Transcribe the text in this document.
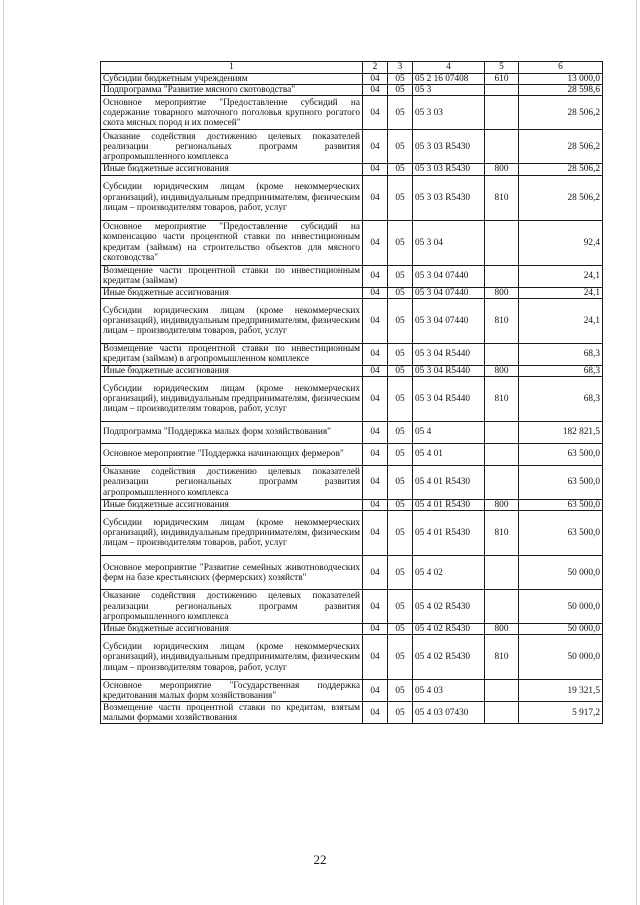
1	2	3	4	5	6
Субсидии бюджетным учреждениям	04	05	05 2 16 07408	610	13 000,0
Подпрограмма "Развитие мясного скотоводства"	04	05	05 3		28 598,6
Основное мероприятие "Предоставление субсидий на содержание товарного маточного поголовья крупного рогатого скота мясных пород и их помесей"	04	05	05 3 03		28 506,2
Оказание содействия достижению целевых показателей реализации региональных программ развития агропромышленного комплекса	04	05	05 3 03 R5430		28 506,2
Иные бюджетные ассигнования	04	05	05 3 03 R5430	800	28 506,2
Субсидии юридическим лицам (кроме некоммерческих организаций), индивидуальным предпринимателям, физическим лицам – производителям товаров, работ, услуг	04	05	05 3 03 R5430	810	28 506,2
Основное мероприятие "Предоставление субсидий на компенсацию части процентной ставки по инвестиционным кредитам (займам) на строительство объектов для мясного скотоводства"	04	05	05 3 04		92,4
Возмещение части процентной ставки по инвестиционным кредитам (займам)	04	05	05 3 04 07440		24,1
Иные бюджетные ассигнования	04	05	05 3 04 07440	800	24,1
Субсидии юридическим лицам (кроме некоммерческих организаций), индивидуальным предпринимателям, физическим лицам – производителям товаров, работ, услуг	04	05	05 3 04 07440	810	24,1
Возмещение части процентной ставки по инвестиционным кредитам (займам) в агропромышленном комплексе	04	05	05 3 04 R5440		68,3
Иные бюджетные ассигнования	04	05	05 3 04 R5440	800	68,3
Субсидии юридическим лицам (кроме некоммерческих организаций), индивидуальным предпринимателям, физическим лицам – производителям товаров, работ, услуг	04	05	05 3 04 R5440	810	68,3
Подпрограмма "Поддержка малых форм хозяйствования"	04	05	05 4		182 821,5
Основное мероприятие "Поддержка начинающих фермеров"	04	05	05 4 01		63 500,0
Оказание содействия достижению целевых показателей реализации региональных программ развития агропромышленного комплекса	04	05	05 4 01 R5430		63 500,0
Иные бюджетные ассигнования	04	05	05 4 01 R5430	800	63 500,0
Субсидии юридическим лицам (кроме некоммерческих организаций), индивидуальным предпринимателям, физическим лицам – производителям товаров, работ, услуг	04	05	05 4 01 R5430	810	63 500,0
Основное мероприятие "Развитие семейных животноводческих ферм на базе крестьянских (фермерских) хозяйств"	04	05	05 4 02		50 000,0
Оказание содействия достижению целевых показателей реализации региональных программ развития агропромышленного комплекса	04	05	05 4 02 R5430		50 000,0
Иные бюджетные ассигнования	04	05	05 4 02 R5430	800	50 000,0
Субсидии юридическим лицам (кроме некоммерческих организаций), индивидуальным предпринимателям, физическим лицам – производителям товаров, работ, услуг	04	05	05 4 02 R5430	810	50 000,0
Основное мероприятие "Государственная поддержка кредитования малых форм хозяйствования"	04	05	05 4 03		19 321,5
Возмещение части процентной ставки по кредитам, взятым малыми формами хозяйствования	04	05	05 4 03 07430		5 917,2
22
